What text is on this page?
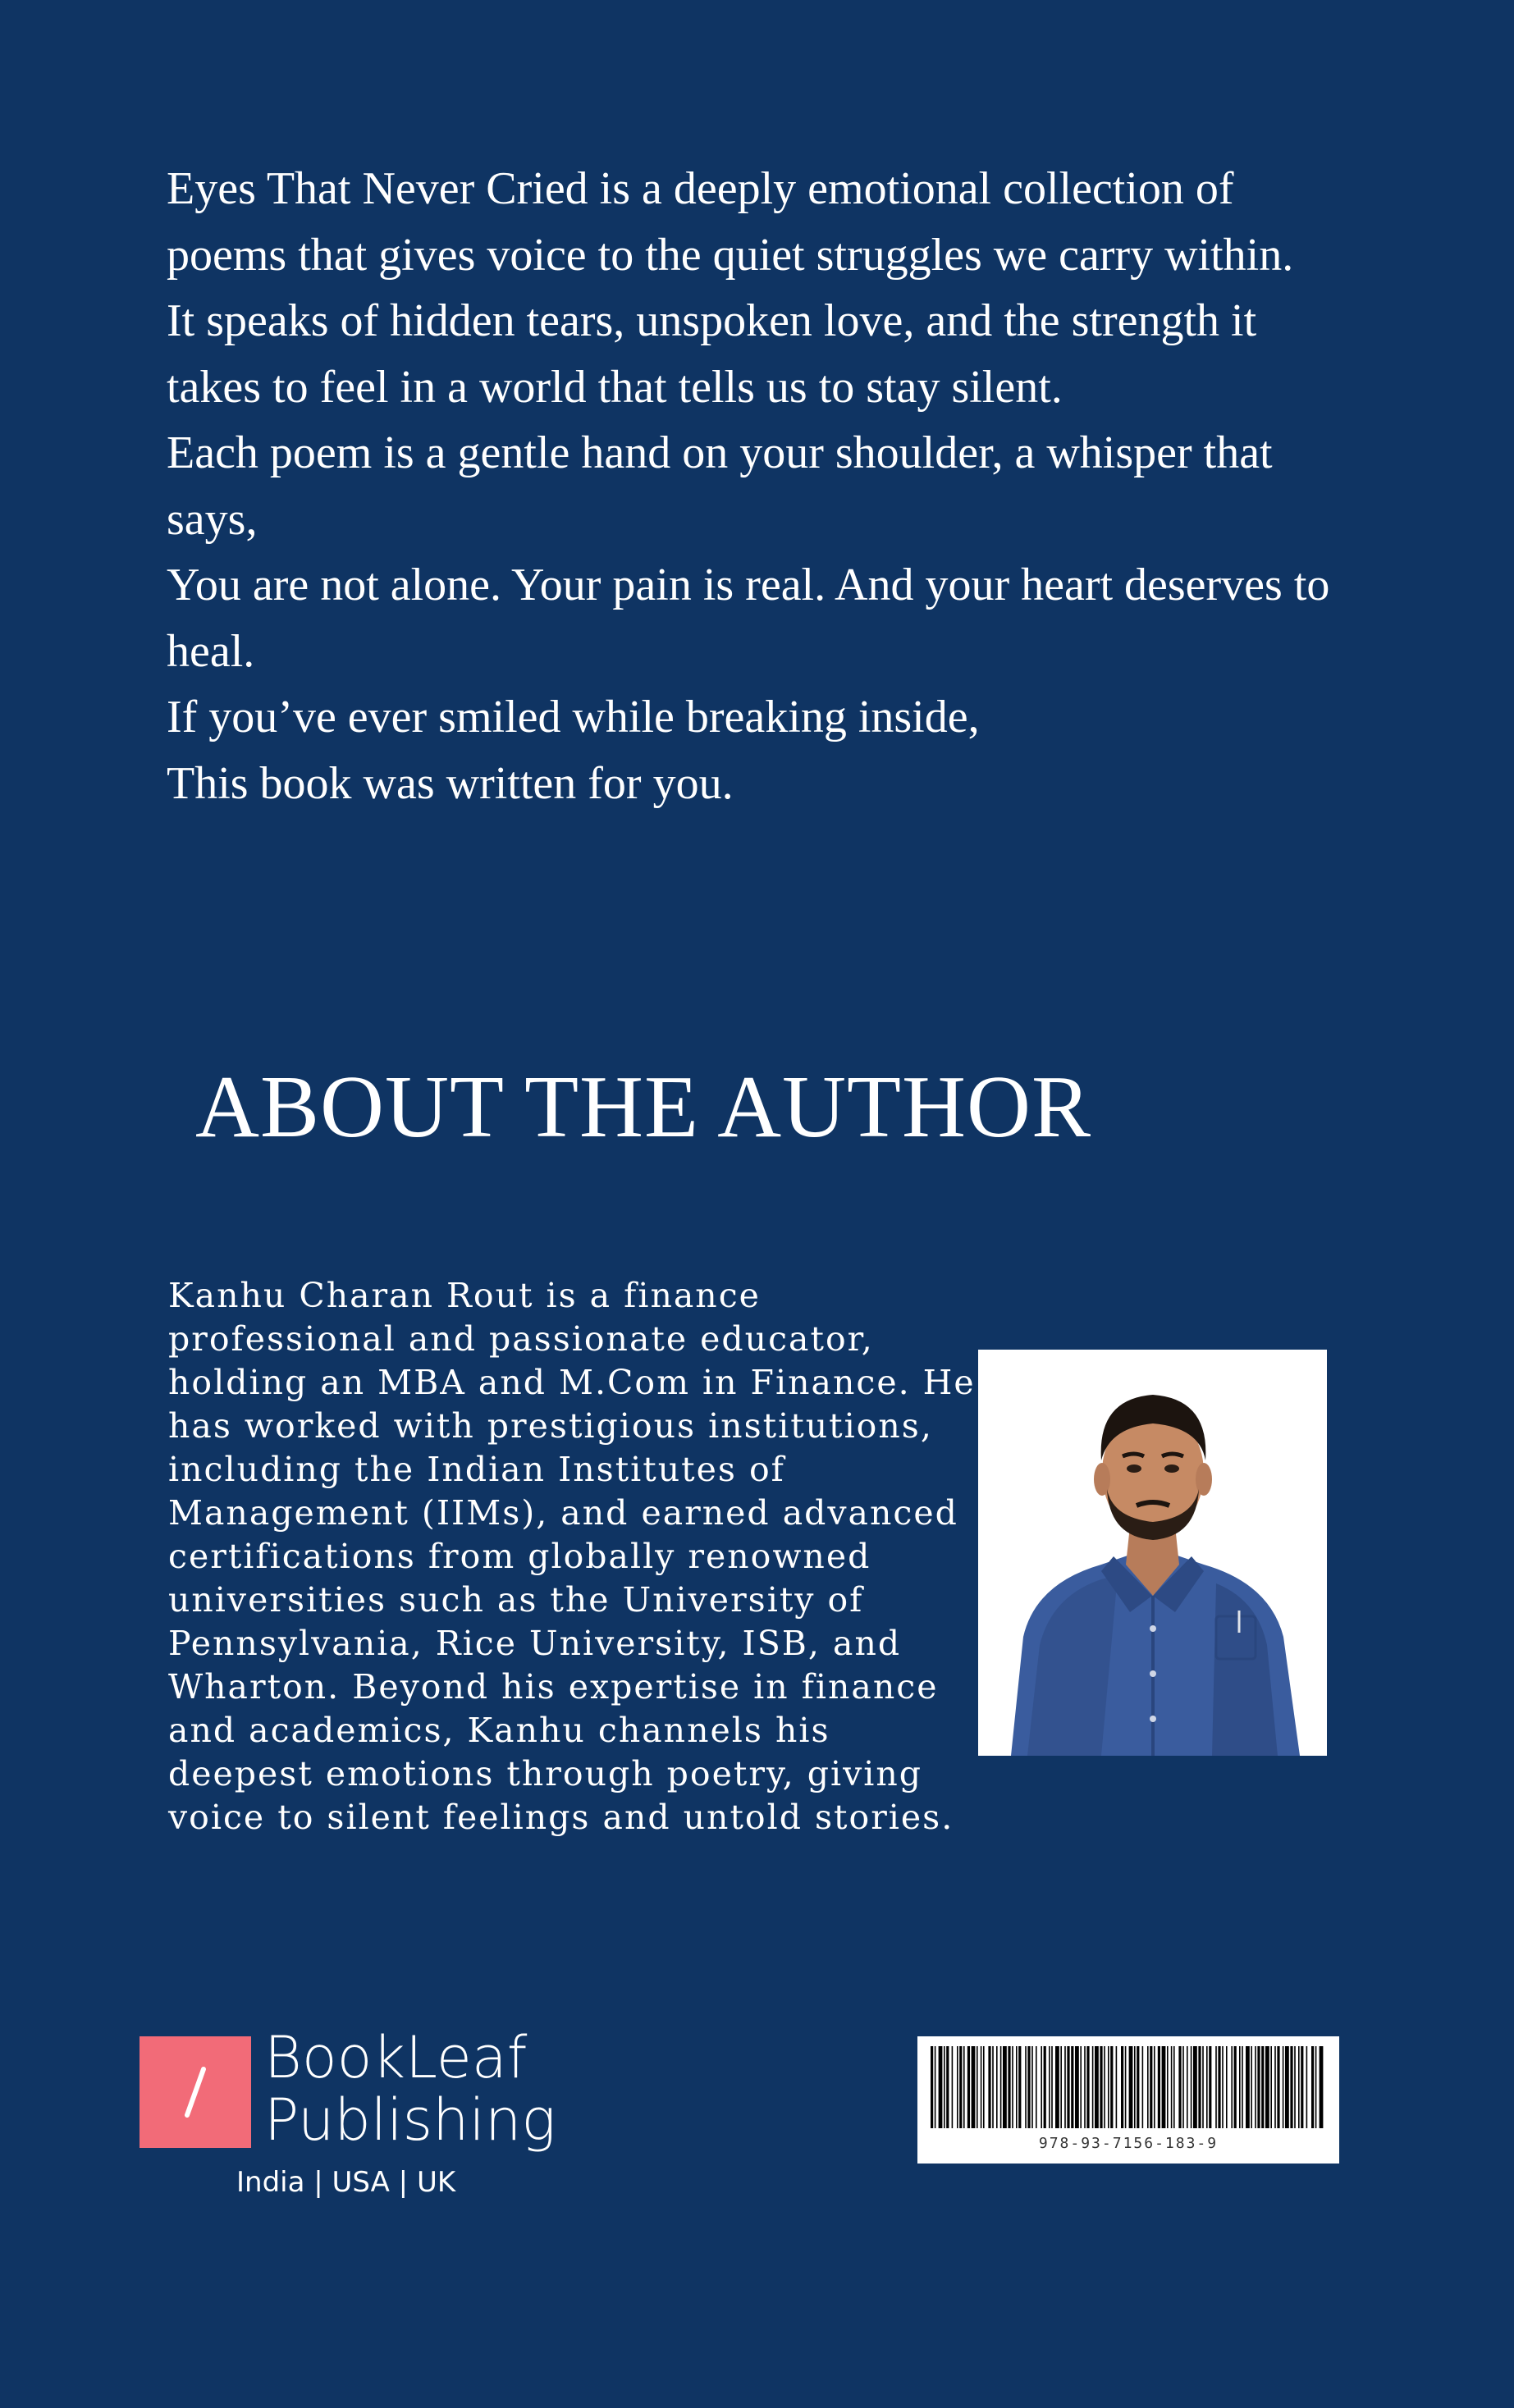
Eyes That Never Cried is a deeply emotional collection of poems that gives voice to the quiet struggles we carry within. It speaks of hidden tears, unspoken love, and the strength it takes to feel in a world that tells us to stay silent.

Each poem is a gentle hand on your shoulder, a whisper that says,

You are not alone. Your pain is real. And your heart deserves to heal.

If you’ve ever smiled while breaking inside,

This book was written for you.

ABOUT THE AUTHOR

Kanhu Charan Rout is a finance professional and passionate educator, holding an MBA and M.Com in Finance. He has worked with prestigious institutions, including the Indian Institutes of Management (IIMs), and earned advanced certifications from globally renowned universities such as the University of Pennsylvania, Rice University, ISB, and Wharton. Beyond his expertise in finance and academics, Kanhu channels his deepest emotions through poetry, giving voice to silent feelings and untold stories.

BookLeaf
Publishing
India | USA | UK
978-93-7156-183-9
